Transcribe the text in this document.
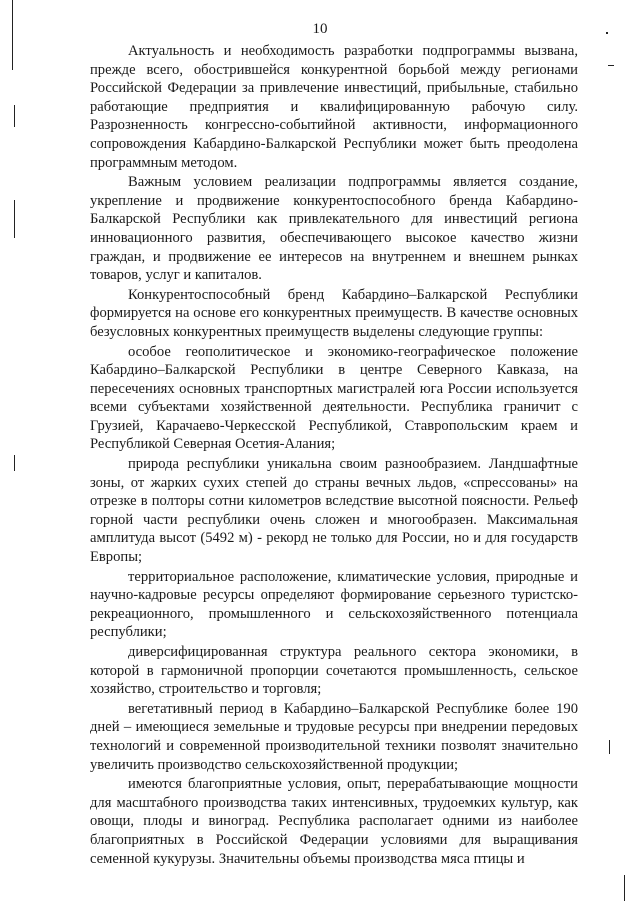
10

Актуальность и необходимость разработки подпрограммы вызвана, прежде всего, обострившейся конкурентной борьбой между регионами Российской Федерации за привлечение инвестиций, прибыльные, стабильно работающие предприятия и квалифицированную рабочую силу. Разрозненность конгрессно-событийной активности, информационного сопровождения Кабардино-Балкарской Республики может быть преодолена программным методом.

Важным условием реализации подпрограммы является создание, укрепление и продвижение конкурентоспособного бренда Кабардино-Балкарской Республики как привлекательного для инвестиций региона инновационного развития, обеспечивающего высокое качество жизни граждан, и продвижение ее интересов на внутреннем и внешнем рынках товаров, услуг и капиталов.

Конкурентоспособный бренд Кабардино–Балкарской Республики формируется на основе его конкурентных преимуществ. В качестве основных безусловных конкурентных преимуществ выделены следующие группы:

особое геополитическое и экономико-географическое положение Кабардино–Балкарской Республики в центре Северного Кавказа, на пересечениях основных транспортных магистралей юга России используется всеми субъектами хозяйственной деятельности. Республика граничит с Грузией, Карачаево-Черкесской Республикой, Ставропольским краем и Республикой Северная Осетия-Алания;

природа республики уникальна своим разнообразием. Ландшафтные зоны, от жарких сухих степей до страны вечных льдов, «спрессованы» на отрезке в полторы сотни километров вследствие высотной поясности. Рельеф горной части республики очень сложен и многообразен. Максимальная амплитуда высот (5492 м) - рекорд не только для России, но и для государств Европы;

территориальное расположение, климатические условия, природные и научно-кадровые ресурсы определяют формирование серьезного туристско-рекреационного, промышленного и сельскохозяйственного потенциала республики;

диверсифицированная структура реального сектора экономики, в которой в гармоничной пропорции сочетаются промышленность, сельское хозяйство, строительство и торговля;

вегетативный период в Кабардино–Балкарской Республике более 190 дней – имеющиеся земельные и трудовые ресурсы при внедрении передовых технологий и современной производительной техники позволят значительно увеличить производство сельскохозяйственной продукции;

имеются благоприятные условия, опыт, перерабатывающие мощности для масштабного производства таких интенсивных, трудоемких культур, как овощи, плоды и виноград. Республика располагает одними из наиболее благоприятных в Российской Федерации условиями для выращивания семенной кукурузы. Значительны объемы производства мяса птицы и
